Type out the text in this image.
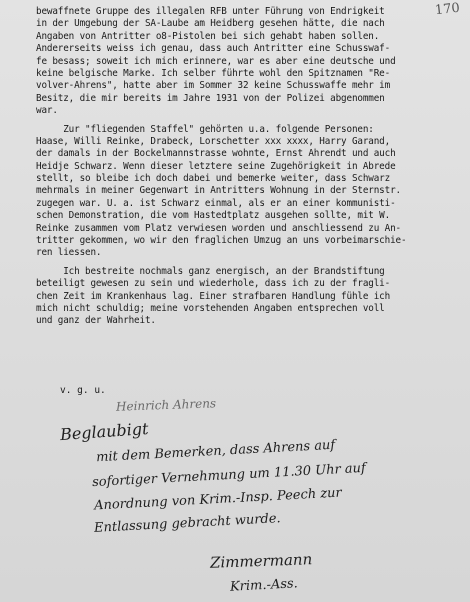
170
bewaffnete Gruppe des illegalen RFB unter Führung von Endrigkeit
in der Umgebung der SA-Laube am Heidberg gesehen hätte, die nach
Angaben von Antritter o8-Pistolen bei sich gehabt haben sollen.
Andererseits weiss ich genau, dass auch Antritter eine Schusswaf-
fe besass; soweit ich mich erinnere, war es aber eine deutsche und
keine belgische Marke. Ich selber führte wohl den Spitznamen "Re-
volver-Ahrens", hatte aber im Sommer 32 keine Schusswaffe mehr im
Besitz, die mir bereits im Jahre 1931 von der Polizei abgenommen
war.
Zur "fliegenden Staffel" gehörten u.a. folgende Personen:
Haase, Willi Reinke, Drabeck, Lorschetter xxx xxxx, Harry Garand,
der damals in der Bockelmannstrasse wohnte, Ernst Ahrendt und auch
Heidje Schwarz. Wenn dieser letztere seine Zugehörigkeit in Abrede
stellt, so bleibe ich doch dabei und bemerke weiter, dass Schwarz
mehrmals in meiner Gegenwart in Antritters Wohnung in der Sternstr.
zugegen war. U. a. ist Schwarz einmal, als er an einer kommunisti-
schen Demonstration, die vom Hastedtplatz ausgehen sollte, mit W.
Reinke zusammen vom Platz verwiesen worden und anschliessend zu An-
tritter gekommen, wo wir den fraglichen Umzug an uns vorbeimarschie-
ren liessen.
Ich bestreite nochmals ganz energisch, an der Brandstiftung
beteiligt gewesen zu sein und wiederhole, dass ich zu der fragli-
chen Zeit im Krankenhaus lag. Einer strafbaren Handlung fühle ich
mich nicht schuldig; meine vorstehenden Angaben entsprechen voll
und ganz der Wahrheit.
v. g. u.
Heinrich Ahrens
Beglaubigt
mit dem Bemerken, dass Ahrens auf
sofortiger Vernehmung um 11.30 Uhr auf
Anordnung von Krim.-Insp. Peech zur
Entlassung gebracht wurde.
Zimmermann
Krim.-Ass.
